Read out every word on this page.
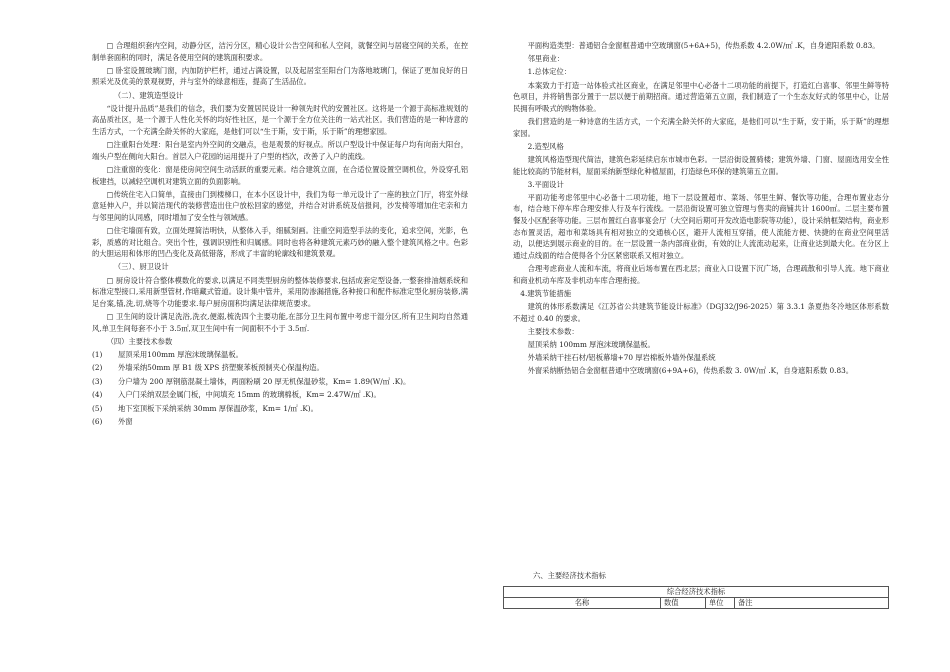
□ 合理组织套内空间，动静分区，洁污分区，精心设计公告空间和私人空间，就餐空间与居寝空间的关系，在控制单套面积的同时，满足各使用空间的建筑面积要求。

□ 卧室设置玻璃门窗，内加防护栏杆，通过占满设置，以及起居室至阳台门为落地玻璃门，保证了更加良好的日照采光及优美的景观视野，并与室外的绿意相连，提高了生活品位。

（二）、建筑造型设计

“设计提升品质”是我们的信念，我们要为安置居民设计一种领先时代的安置社区。这将是一个源于高标准规划的高品质社区，是一个源于人性化关怀的均好性社区，是一个源于全方位关注的一站式社区。我们营造的是一种诗意的生活方式，一个充满全龄关怀的大家庭，是他们可以“生于斯，安于斯，乐于斯”的理想家园。

□注重阳台处理：阳台是室内外空间的交融点，也是观景的好视点。所以户型设计中保证每户均有向南大阳台，端头户型在侧向大阳台。首层入户花园的运用提升了户型的档次，改善了入户的流线。

□注重窗的变化：窗是使房间空间生动活跃的重要元素。结合建筑立面，在合适位置设置空调机位，外设穿孔铝板建挡，以减轻空调机对建筑立面的负面影响。

□传统住宅入口简单，直接由门到楼梯口，在本小区设计中，我们为每一单元设计了一座的独立门厅，将室外绿意延伸入户，并以简洁现代的装修营造出住户放松回家的感觉，并结合对讲系统及信报间，沙发椅等增加住宅亲和力与邻里间的认同感，同时增加了安全性与领域感。

□住宅墙面有致，立面处理简洁明快，从整体入手，细腻刻画。注重空间造型手法的变化，追求空间，光影，色彩，质感的对比组合。突出个性，强调识别性和归属感。同时也将各种建筑元素巧妙的融入整个建筑风格之中。色彩的大胆运用和体形的凹凸变化及高低错落，形成了丰富的轮廓线和建筑景观。

（三）、厨卫设计

□ 厨房设计符合整体模数化的要求,以满足不同类型厨房的整体装修要求,包括成套定型设备,一整套排油烟系统和标准定型接口,采用新型管材,作暗藏式管道。设计集中管井，采用防渗漏措施,各种接口和配件标准定型化厨房装修,满足台案,锚,洗,切,烧等个功能要求.每户厨房面积均满足法律规范要求。

□ 卫生间的设计满足洗浴,洗衣,便溺,梳洗四个主要功能,在部分卫生间布置中考虑干湿分区,所有卫生间均自然通风,单卫生间每套不小于 3.5㎡,双卫生间中有一间面积不小于 3.5㎡.

（四）主要技术参数

(1)	屋顶采用100mm 厚泡沫玻璃保温板。
(2)	外墙采纳50mm 厚 B1 级 XPS 挤塑聚苯板预制夹心保温构造。
(3)	分户墙为 200 厚钢筋混凝土墙体，两面粉刷 20 厚无机保温砂浆，Km= 1.89(W/㎡ .K)。
(4)	入户门采纳双层金属门板，中间填充 15mm 的玻璃棉板，Km= 2.47W/㎡ .K)。
(5)	地下室顶板下采纳采纳 30mm 厚保温砂浆，Km= 1/㎡ .K)。
(6)	外窗

平面构造类型：普通铝合金窗框普通中空玻璃窗(5+6A+5)，传热系数 4.2.0W/㎡ .K，自身遮阳系数 0.83。

邻里商业：

1.总体定位：

本案致力于打造一站体验式社区商业，在满足邻里中心必备十二项功能的前提下，打造红白喜事、邻里生鲜等特色项目，并将销售部分置于一层以便于前期招商。通过营造第五立面，我们制造了一个生态友好式的邻里中心，让居民拥有呼吸式的购物体验。

我们营造的是一种诗意的生活方式，一个充满全龄关怀的大家庭，是他们可以“生于斯，安于斯，乐于斯”的理想家园。

2.造型风格

建筑风格造型现代简洁，建筑色彩延续启东市城市色彩。一层沿街设置骑楼；建筑外墙、门窗、屋面选用安全性能比较高的节能材料，屋面采纳新型绿化种植屋面，打造绿色环保的建筑第五立面。

3.平面设计

平面功能考虑邻里中心必备十二项功能，地下一层设置超市、菜场、邻里生鲜、餐饮等功能，合理布置业态分布，结合地下停车库合理安排人行及车行流线。一层沿街设置可独立管理与售卖的商铺共计 1600㎡。二层主要布置餐及小区配套等功能。三层布置红白喜事宴会厅（大空间后期可开发改造电影院等功能），设计采纳框架结构，商业形态布置灵活，超市和菜场具有相对独立的交通核心区，避开人流相互穿插，使人流能方便、快捷的在商业空间里活动，以便达到展示商业的目的。在一层设置一条内部商业街，有效的让人流流动起来，让商业达到最大化。在分区上通过点线面的结合使得各个分区紧密联系又相对独立。

合理考虑商业人流和车流，将商业后场布置在西北层；商业入口设置下沉广场，合理疏散和引导人流。地下商业和商业机动车库及非机动车库合理衔接。

4.建筑节能措施

建筑的体形系数满足《江苏省公共建筑节能设计标准》（DGJ32/J96-2025）第 3.3.1 条夏热冬冷地区体形系数不超过 0.40 的要求。

主要技术参数：

屋顶采纳 100mm 厚泡沫玻璃保温板。

外墙采纳干挂石材/铝板幕墙+70 厚岩棉板外墙外保温系统

外窗采纳断热铝合金窗框普通中空玻璃窗(6+9A+6)，传热系数 3. 0W/㎡ .K，自身遮阳系数 0.83。

六、主要经济技术指标
综合经济技术指标
名称	数值	单位	备注
